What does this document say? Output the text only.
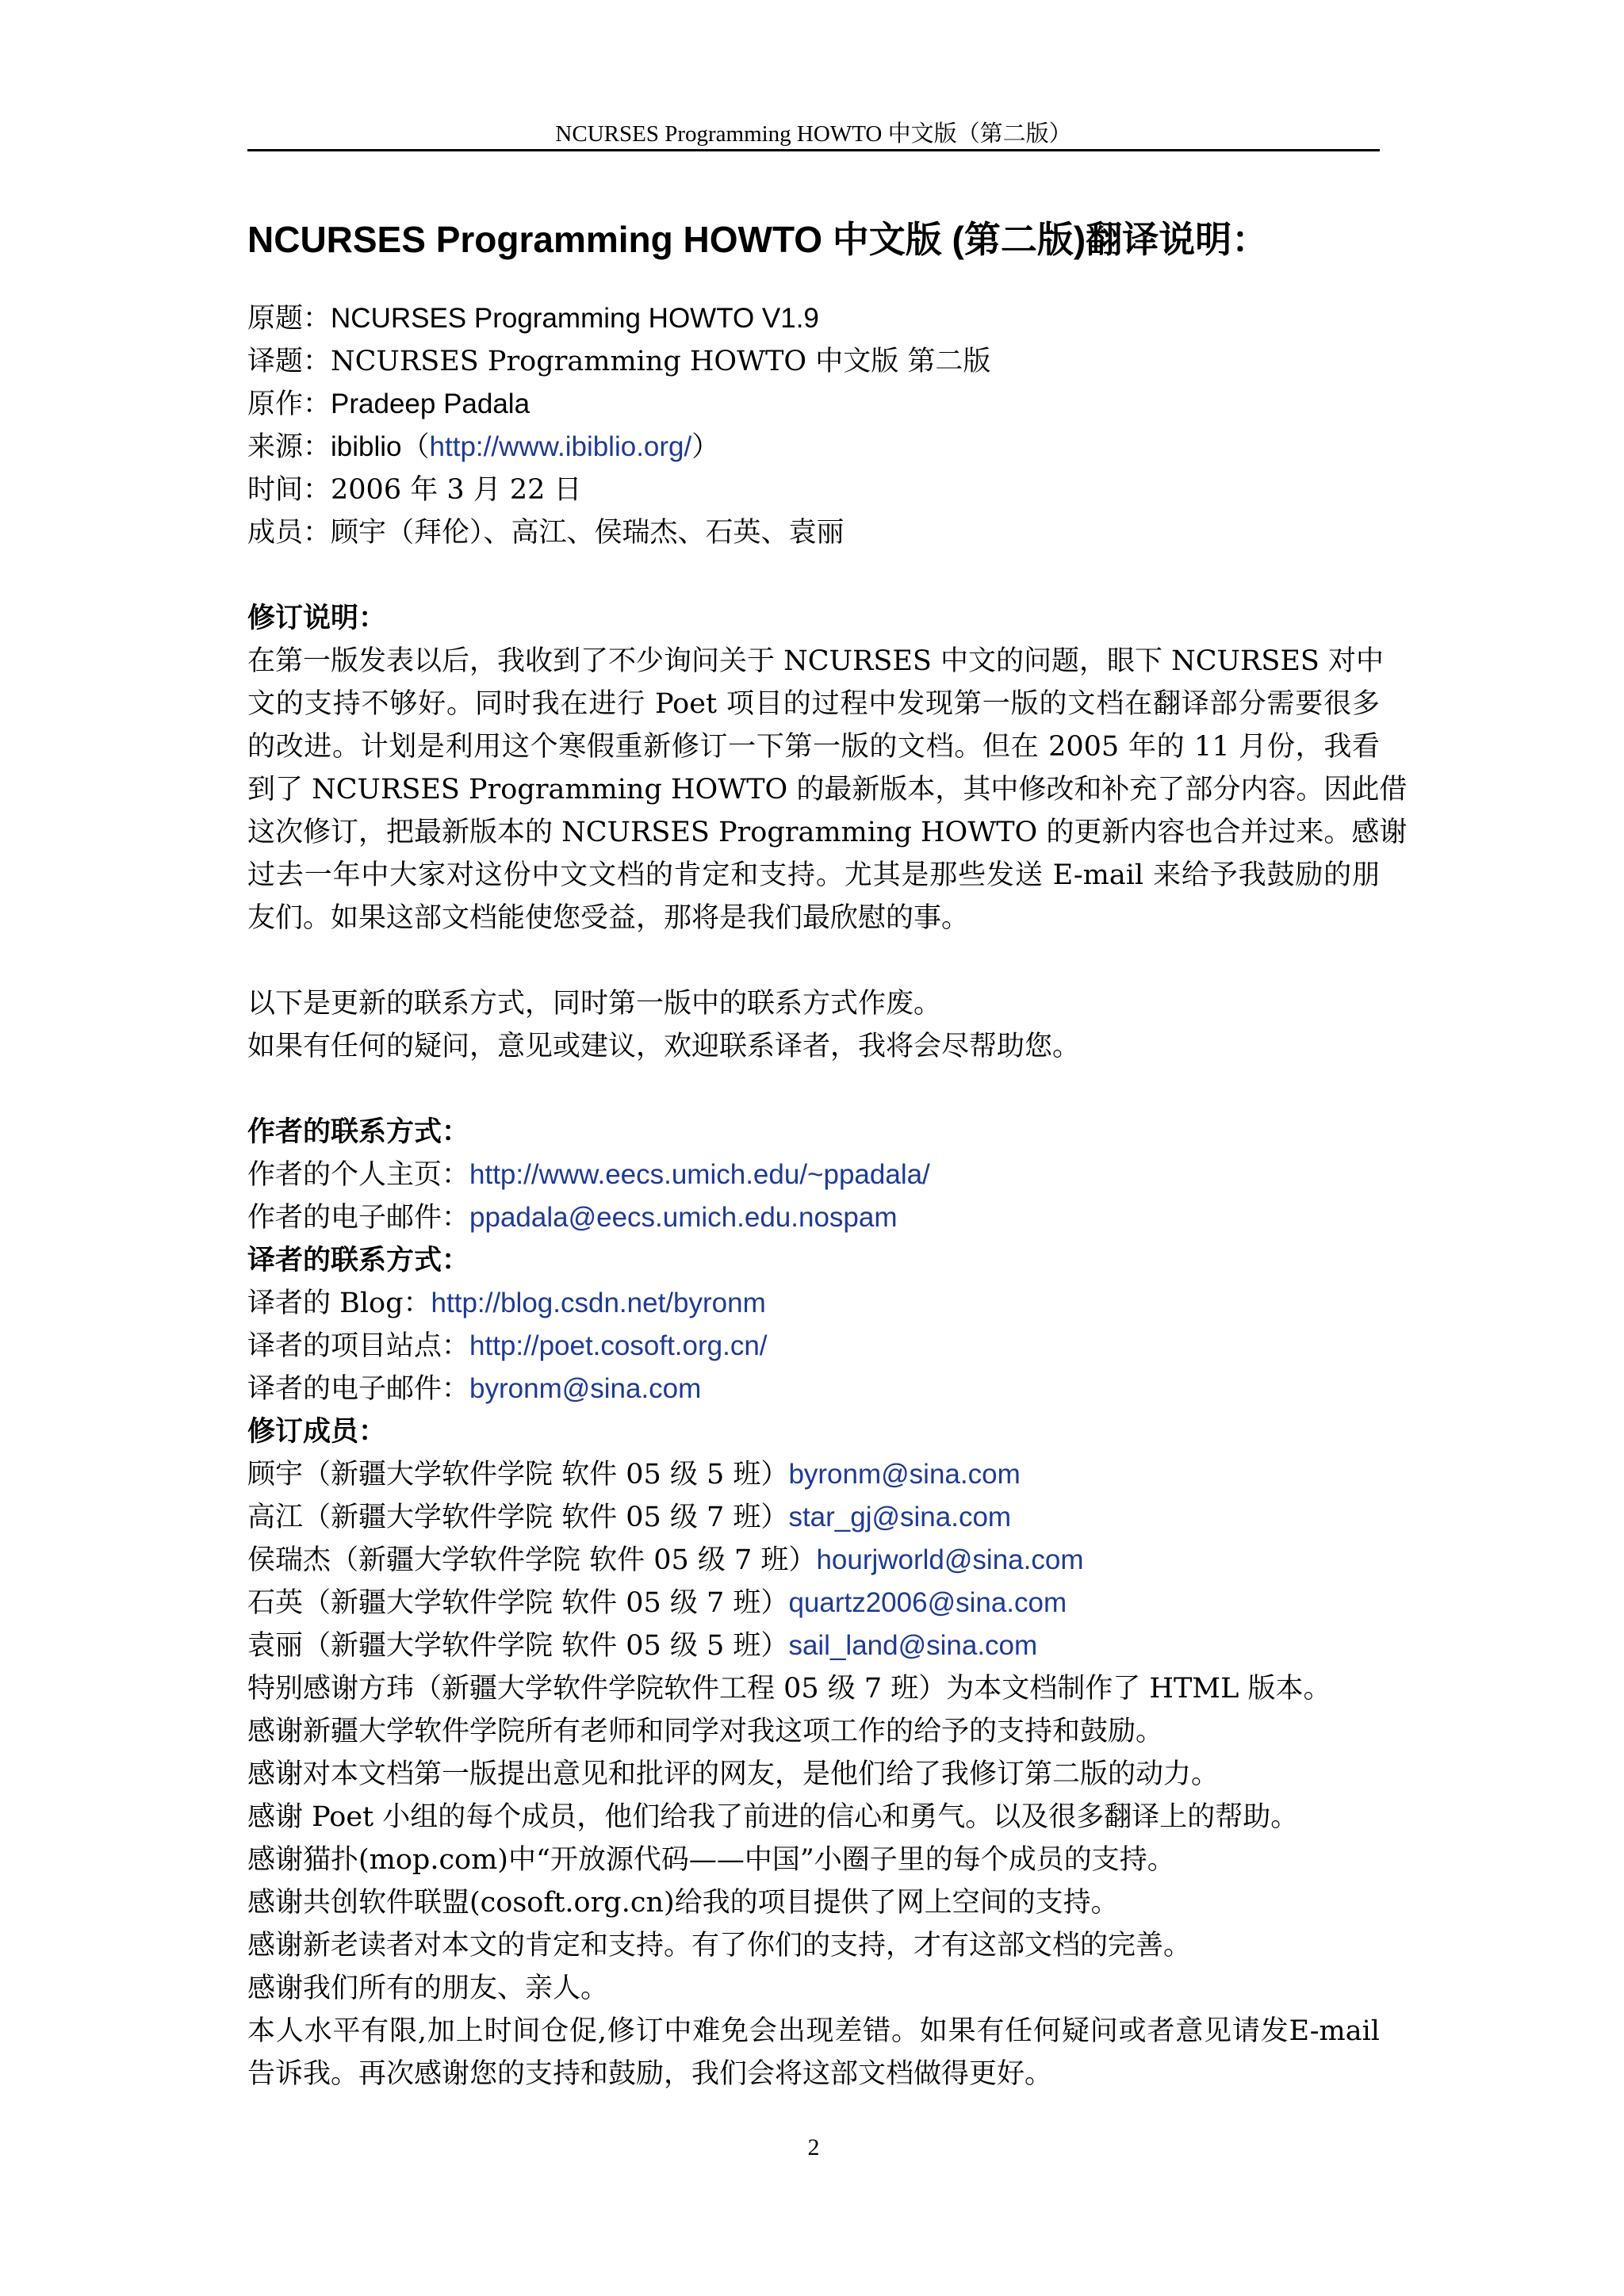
NCURSES Programming HOWTO 中文版（第二版）
NCURSES Programming HOWTO 中文版 (第二版)翻译说明：
原题：NCURSES Programming HOWTO V1.9
译题：NCURSES Programming HOWTO 中文版 第二版
原作：Pradeep Padala
来源：ibiblio（http://www.ibiblio.org/）
时间：2006 年 3 月 22 日
成员：顾宇（拜伦）、高江、侯瑞杰、石英、袁丽
修订说明：
在第一版发表以后，我收到了不少询问关于 NCURSES 中文的问题，眼下 NCURSES 对中
文的支持不够好。同时我在进行 Poet 项目的过程中发现第一版的文档在翻译部分需要很多
的改进。计划是利用这个寒假重新修订一下第一版的文档。但在 2005 年的 11 月份，我看
到了 NCURSES Programming HOWTO 的最新版本，其中修改和补充了部分内容。因此借
这次修订，把最新版本的 NCURSES Programming HOWTO 的更新内容也合并过来。感谢
过去一年中大家对这份中文文档的肯定和支持。尤其是那些发送 E-mail 来给予我鼓励的朋
友们。如果这部文档能使您受益，那将是我们最欣慰的事。
以下是更新的联系方式，同时第一版中的联系方式作废。
如果有任何的疑问，意见或建议，欢迎联系译者，我将会尽帮助您。
作者的联系方式：
作者的个人主页：http://www.eecs.umich.edu/~ppadala/
作者的电子邮件：ppadala@eecs.umich.edu.nospam
译者的联系方式：
译者的 Blog：http://blog.csdn.net/byronm
译者的项目站点：http://poet.cosoft.org.cn/
译者的电子邮件：byronm@sina.com
修订成员：
顾宇（新疆大学软件学院 软件 05 级 5 班）byronm@sina.com
高江（新疆大学软件学院 软件 05 级 7 班）star_gj@sina.com
侯瑞杰（新疆大学软件学院 软件 05 级 7 班）hourjworld@sina.com
石英（新疆大学软件学院 软件 05 级 7 班）quartz2006@sina.com
袁丽（新疆大学软件学院 软件 05 级 5 班）sail_land@sina.com
特别感谢方玮（新疆大学软件学院软件工程 05 级 7 班）为本文档制作了 HTML 版本。
感谢新疆大学软件学院所有老师和同学对我这项工作的给予的支持和鼓励。
感谢对本文档第一版提出意见和批评的网友，是他们给了我修订第二版的动力。
感谢 Poet 小组的每个成员，他们给我了前进的信心和勇气。以及很多翻译上的帮助。
感谢猫扑(mop.com)中“开放源代码——中国”小圈子里的每个成员的支持。
感谢共创软件联盟(cosoft.org.cn)给我的项目提供了网上空间的支持。
感谢新老读者对本文的肯定和支持。有了你们的支持，才有这部文档的完善。
感谢我们所有的朋友、亲人。
本人水平有限,加上时间仓促,修订中难免会出现差错。如果有任何疑问或者意见请发E-mail
告诉我。再次感谢您的支持和鼓励，我们会将这部文档做得更好。
2
